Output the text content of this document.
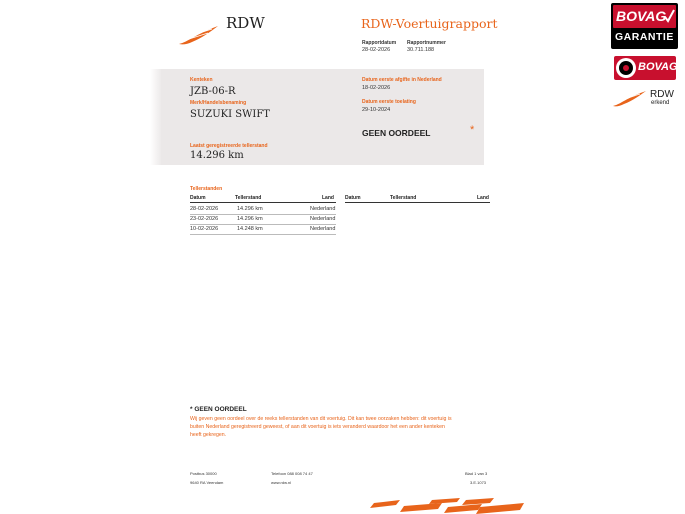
RDW	RDW-Voertuigrapport
Rapportdatum
28-02-2026
Rapportnummer
30.711.188
BOVAG
GARANTIE
BOVAG
RDW
erkend
Kenteken
JZB-06-R
Merk/Handelsbenaming
SUZUKI SWIFT
Laatst geregistreerde tellerstand
14.296 km
Datum eerste afgifte in Nederland
18-02-2026
Datum eerste toelating
29-10-2024
GEEN OORDEEL	*
Tellerstanden
Datum	Tellerstand	Land Datum	Tellerstand	Land
28-02-2026	14.296 km	Nederland
23-02-2026	14.296 km	Nederland
10-02-2026	14.248 km	Nederland
* GEEN OORDEEL
Wij geven geen oordeel over de reeks tellerstanden van dit voertuig. Dit kan twee oorzaken hebben: dit voertuig is
buiten Nederland geregistreerd geweest, of aan dit voertuig is iets veranderd waardoor het een ander kenteken
heeft gekregen.
Postbus 30000
9640 RA Veendam
Telefoon 088 008 74 47
www.rdw.nl
Blad 1 van 3
3.E.1073
